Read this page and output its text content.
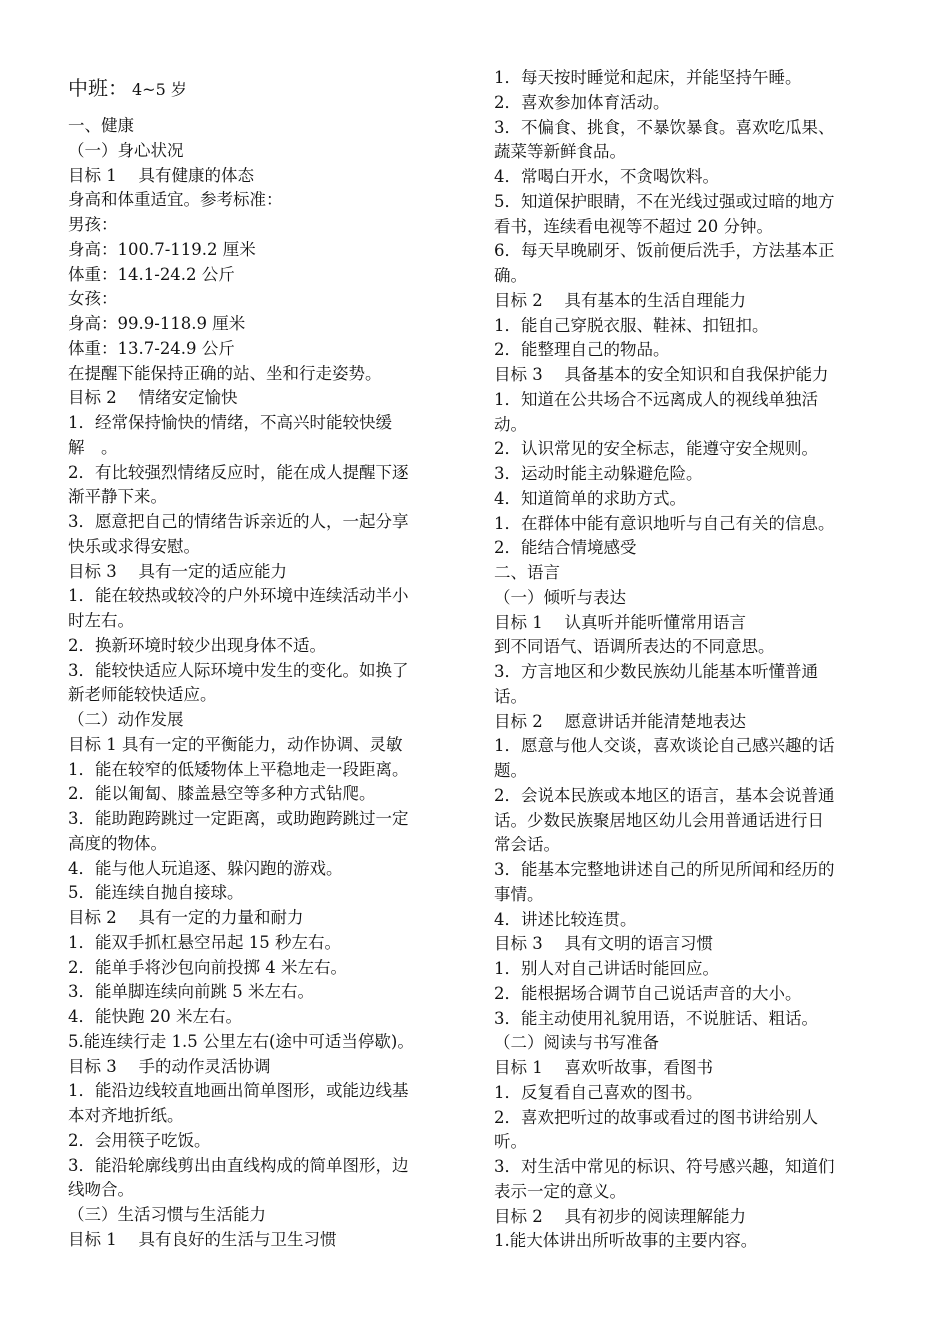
中班： 4~5 岁
一、健康
（一）身心状况
目标 1　 具有健康的体态
身高和体重适宜。参考标准：
男孩：
身高：100.7-119.2 厘米
体重：14.1-24.2 公斤
女孩：
身高：99.9-118.9 厘米
体重：13.7-24.9 公斤
在提醒下能保持正确的站、坐和行走姿势。
目标 2　 情绪安定愉快
1．经常保持愉快的情绪，不高兴时能较快缓
解　。
2．有比较强烈情绪反应时，能在成人提醒下逐
渐平静下来。
3．愿意把自己的情绪告诉亲近的人，一起分享
快乐或求得安慰。
目标 3　 具有一定的适应能力
1．能在较热或较冷的户外环境中连续活动半小
时左右。
2．换新环境时较少出现身体不适。
3．能较快适应人际环境中发生的变化。如换了
新老师能较快适应。
（二）动作发展
目标 1 具有一定的平衡能力，动作协调、灵敏
1．能在较窄的低矮物体上平稳地走一段距离。
2．能以匍匐、膝盖悬空等多种方式钻爬。
3．能助跑跨跳过一定距离，或助跑跨跳过一定
高度的物体。
4．能与他人玩追逐、躲闪跑的游戏。
5．能连续自抛自接球。
目标 2　 具有一定的力量和耐力
1．能双手抓杠悬空吊起 15 秒左右。
2．能单手将沙包向前投掷 4 米左右。
3．能单脚连续向前跳 5 米左右。
4．能快跑 20 米左右。
5.能连续行走 1.5 公里左右(途中可适当停歇)。
目标 3　 手的动作灵活协调
1．能沿边线较直地画出简单图形，或能边线基
本对齐地折纸。
2．会用筷子吃饭。
3．能沿轮廓线剪出由直线构成的简单图形，边
线吻合。
（三）生活习惯与生活能力
目标 1　 具有良好的生活与卫生习惯
1．每天按时睡觉和起床，并能坚持午睡。
2．喜欢参加体育活动。
3．不偏食、挑食，不暴饮暴食。喜欢吃瓜果、
蔬菜等新鲜食品。
4．常喝白开水，不贪喝饮料。
5．知道保护眼睛，不在光线过强或过暗的地方
看书，连续看电视等不超过 20 分钟。
6．每天早晚刷牙、饭前便后洗手，方法基本正
确。
目标 2　 具有基本的生活自理能力
1．能自己穿脱衣服、鞋袜、扣钮扣。
2．能整理自己的物品。
目标 3　 具备基本的安全知识和自我保护能力
1．知道在公共场合不远离成人的视线单独活
动。
2．认识常见的安全标志，能遵守安全规则。
3．运动时能主动躲避危险。
4．知道简单的求助方式。
1．在群体中能有意识地听与自己有关的信息。
2．能结合情境感受
二、语言
（一）倾听与表达
目标 1　 认真听并能听懂常用语言
到不同语气、语调所表达的不同意思。
3．方言地区和少数民族幼儿能基本听懂普通
话。
目标 2　 愿意讲话并能清楚地表达
1．愿意与他人交谈，喜欢谈论自己感兴趣的话
题。
2．会说本民族或本地区的语言，基本会说普通
话。少数民族聚居地区幼儿会用普通话进行日
常会话。
3．能基本完整地讲述自己的所见所闻和经历的
事情。
4．讲述比较连贯。
目标 3　 具有文明的语言习惯
1．别人对自己讲话时能回应。
2．能根据场合调节自己说话声音的大小。
3．能主动使用礼貌用语，不说脏话、粗话。
（二）阅读与书写准备
目标 1　 喜欢听故事，看图书
1．反复看自己喜欢的图书。
2．喜欢把听过的故事或看过的图书讲给别人
听。
3．对生活中常见的标识、符号感兴趣，知道们
表示一定的意义。
目标 2　 具有初步的阅读理解能力
1.能大体讲出所听故事的主要内容。
